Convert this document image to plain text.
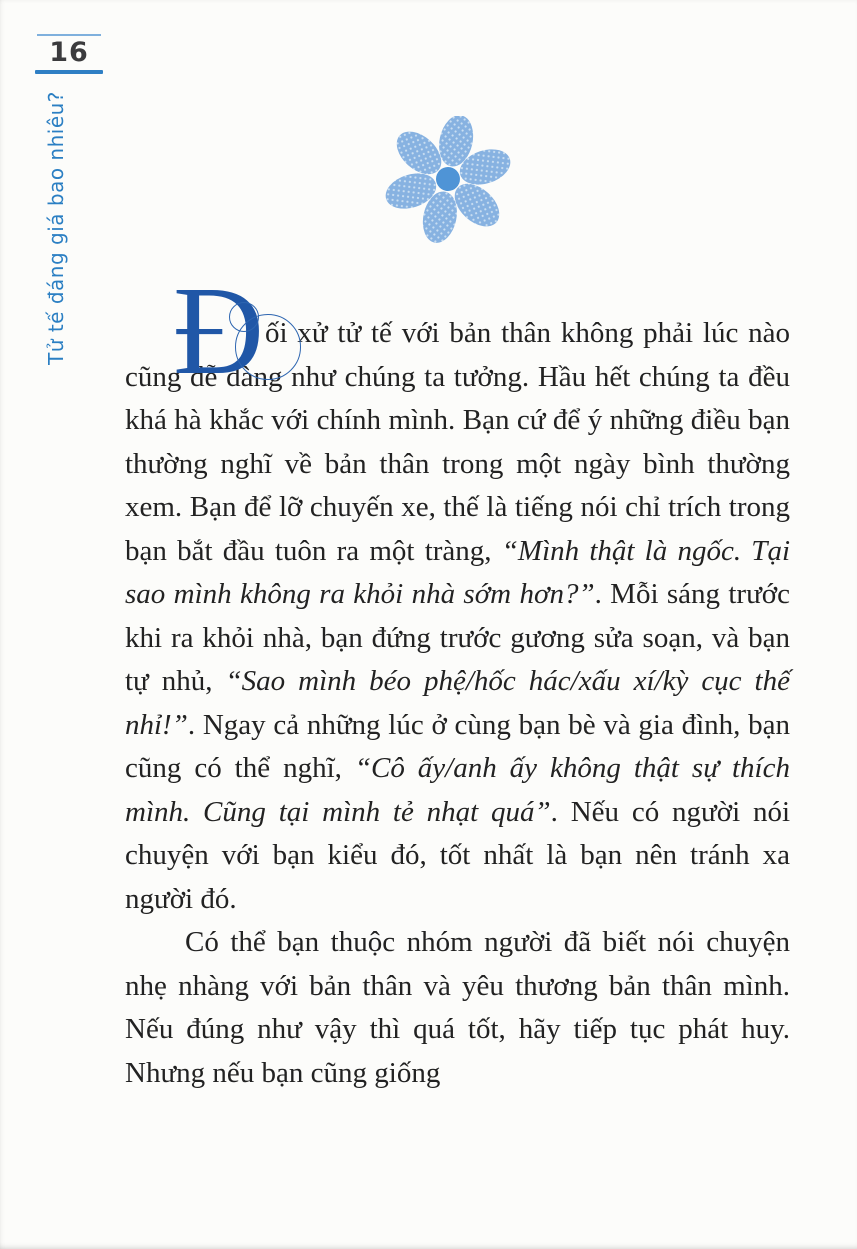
16
Tử tế đáng giá bao nhiêu? Đ ối xử tử tế với bản thân không phải lúc nào cũng dễ dàng như chúng ta tưởng. Hầu hết chúng ta đều khá hà khắc với chính mình. Bạn cứ để ý những điều bạn thường nghĩ về bản thân trong một ngày bình thường xem. Bạn để lỡ chuyến xe, thế là tiếng nói chỉ trích trong bạn bắt đầu tuôn ra một tràng, “Mình thật là ngốc. Tại sao mình không ra khỏi nhà sớm hơn?”. Mỗi sáng trước khi ra khỏi nhà, bạn đứng trước gương sửa soạn, và bạn tự nhủ, “Sao mình béo phệ/hốc hác/xấu xí/kỳ cục thế nhỉ!”. Ngay cả những lúc ở cùng bạn bè và gia đình, bạn cũng có thể nghĩ, “Cô ấy/anh ấy không thật sự thích mình. Cũng tại mình tẻ nhạt quá”. Nếu có người nói chuyện với bạn kiểu đó, tốt nhất là bạn nên tránh xa người đó.

Có thể bạn thuộc nhóm người đã biết nói chuyện nhẹ nhàng với bản thân và yêu thương bản thân mình. Nếu đúng như vậy thì quá tốt, hãy tiếp tục phát huy. Nhưng nếu bạn cũng giống
